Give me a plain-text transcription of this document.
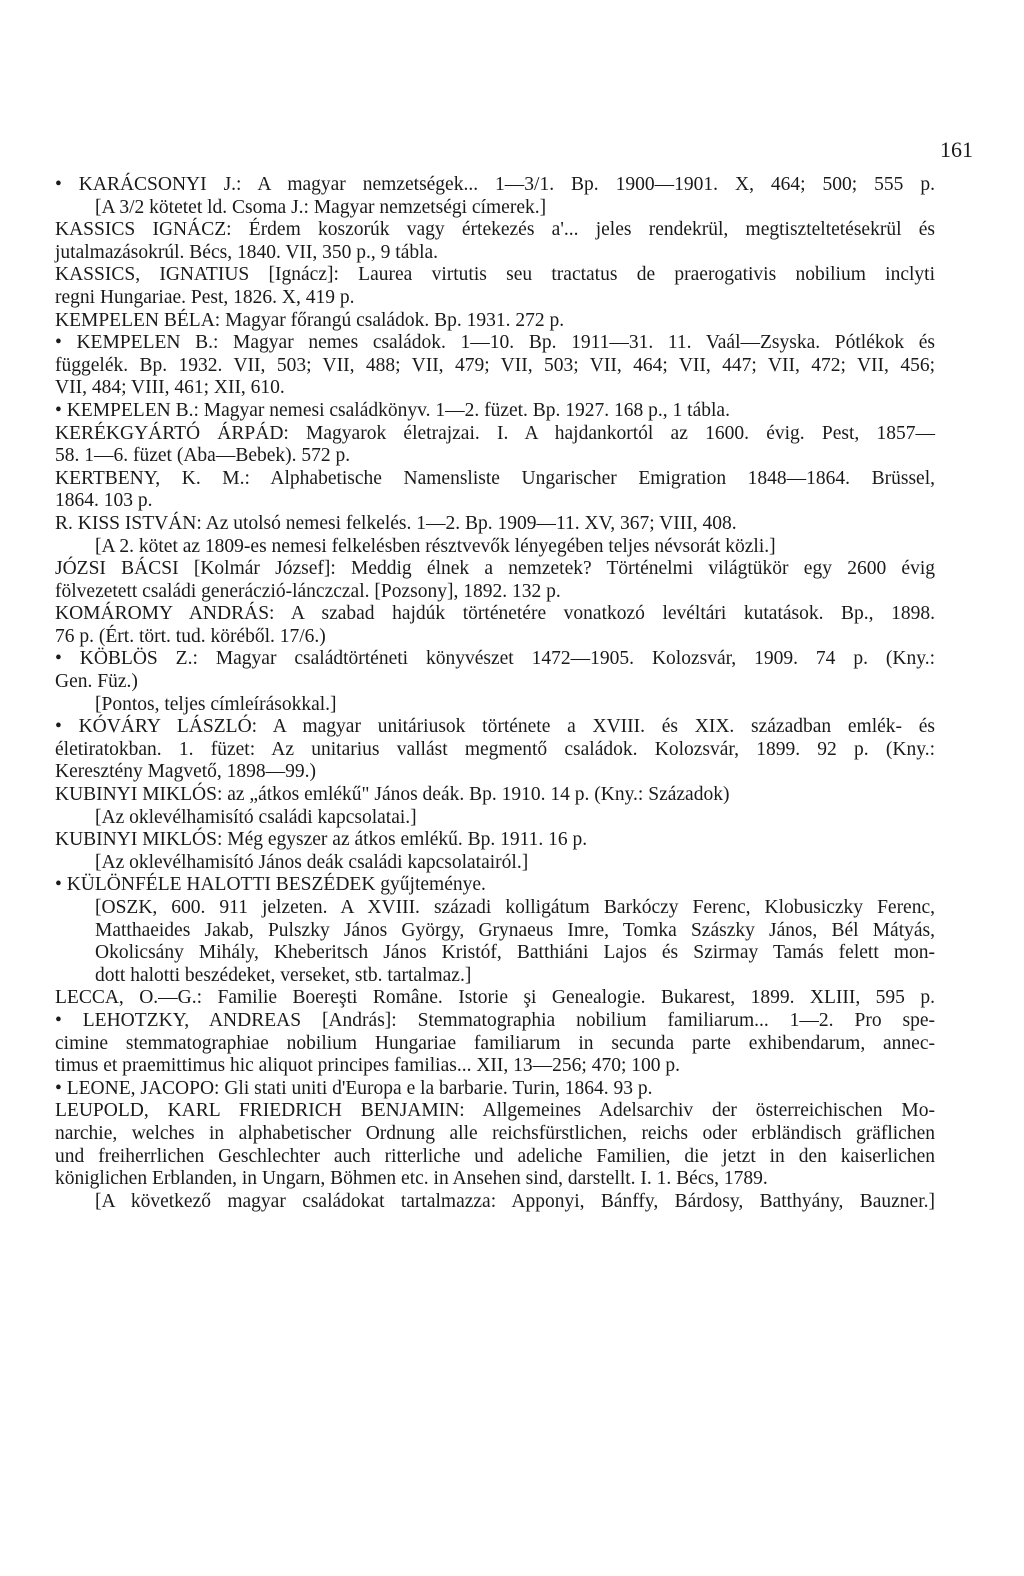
161
• KARÁCSONYI J.: A magyar nemzetségek... 1—3/1. Bp. 1900—1901. X, 464; 500; 555 p.
[A 3/2 kötetet ld. Csoma J.: Magyar nemzetségi címerek.]
KASSICS IGNÁCZ: Érdem koszorúk vagy értekezés a'... jeles rendekrül, megtiszteltetésekrül és
jutalmazásokrúl. Bécs, 1840. VII, 350 p., 9 tábla.
KASSICS, IGNATIUS [Ignácz]: Laurea virtutis seu tractatus de praerogativis nobilium inclyti
regni Hungariae. Pest, 1826. X, 419 p.
KEMPELEN BÉLA: Magyar főrangú családok. Bp. 1931. 272 p.
• KEMPELEN B.: Magyar nemes családok. 1—10. Bp. 1911—31. 11. Vaál—Zsyska. Pótlékok és
függelék. Bp. 1932. VII, 503; VII, 488; VII, 479; VII, 503; VII, 464; VII, 447; VII, 472; VII, 456;
VII, 484; VIII, 461; XII, 610.
• KEMPELEN B.: Magyar nemesi családkönyv. 1—2. füzet. Bp. 1927. 168 p., 1 tábla.
KERÉKGYÁRTÓ ÁRPÁD: Magyarok életrajzai. I. A hajdankortól az 1600. évig. Pest, 1857—
58. 1—6. füzet (Aba—Bebek). 572 p.
KERTBENY, K. M.: Alphabetische Namensliste Ungarischer Emigration 1848—1864. Brüssel,
1864. 103 p.
R. KISS ISTVÁN: Az utolsó nemesi felkelés. 1—2. Bp. 1909—11. XV, 367; VIII, 408.
[A 2. kötet az 1809-es nemesi felkelésben résztvevők lényegében teljes névsorát közli.]
JÓZSI BÁCSI [Kolmár József]: Meddig élnek a nemzetek? Történelmi világtükör egy 2600 évig
fölvezetett családi generáczió-lánczczal. [Pozsony], 1892. 132 p.
KOMÁROMY ANDRÁS: A szabad hajdúk történetére vonatkozó levéltári kutatások. Bp., 1898.
76 p. (Ért. tört. tud. köréből. 17/6.)
• KÖBLÖS Z.: Magyar családtörténeti könyvészet 1472—1905. Kolozsvár, 1909. 74 p. (Kny.:
Gen. Füz.)
[Pontos, teljes címleírásokkal.]
• KÓVÁRY LÁSZLÓ: A magyar unitáriusok története a XVIII. és XIX. században emlék- és
életiratokban. 1. füzet: Az unitarius vallást megmentő családok. Kolozsvár, 1899. 92 p. (Kny.:
Keresztény Magvető, 1898—99.)
KUBINYI MIKLÓS: az „átkos emlékű" János deák. Bp. 1910. 14 p. (Kny.: Századok)
[Az oklevélhamisító családi kapcsolatai.]
KUBINYI MIKLÓS: Még egyszer az átkos emlékű. Bp. 1911. 16 p.
[Az oklevélhamisító János deák családi kapcsolatairól.]
• KÜLÖNFÉLE HALOTTI BESZÉDEK gyűjteménye.
[OSZK, 600. 911 jelzeten. A XVIII. századi kolligátum Barkóczy Ferenc, Klobusiczky Ferenc,
Matthaeides Jakab, Pulszky János György, Grynaeus Imre, Tomka Szászky János, Bél Mátyás,
Okolicsány Mihály, Kheberitsch János Kristóf, Batthiáni Lajos és Szirmay Tamás felett mon-
dott halotti beszédeket, verseket, stb. tartalmaz.]
LECCA, O.—G.: Familie Boereşti Române. Istorie şi Genealogie. Bukarest, 1899. XLIII, 595 p.
• LEHOTZKY, ANDREAS [András]: Stemmatographia nobilium familiarum... 1—2. Pro spe-
cimine stemmatographiae nobilium Hungariae familiarum in secunda parte exhibendarum, annec-
timus et praemittimus hic aliquot principes familias... XII, 13—256; 470; 100 p.
• LEONE, JACOPO: Gli stati uniti d'Europa e la barbarie. Turin, 1864. 93 p.
LEUPOLD, KARL FRIEDRICH BENJAMIN: Allgemeines Adelsarchiv der österreichischen Mo-
narchie, welches in alphabetischer Ordnung alle reichsfürstlichen, reichs oder erbländisch gräflichen
und freiherrlichen Geschlechter auch ritterliche und adeliche Familien, die jetzt in den kaiserlichen
königlichen Erblanden, in Ungarn, Böhmen etc. in Ansehen sind, darstellt. I. 1. Bécs, 1789.
[A következő magyar családokat tartalmazza: Apponyi, Bánffy, Bárdosy, Batthyány, Bauzner.]
